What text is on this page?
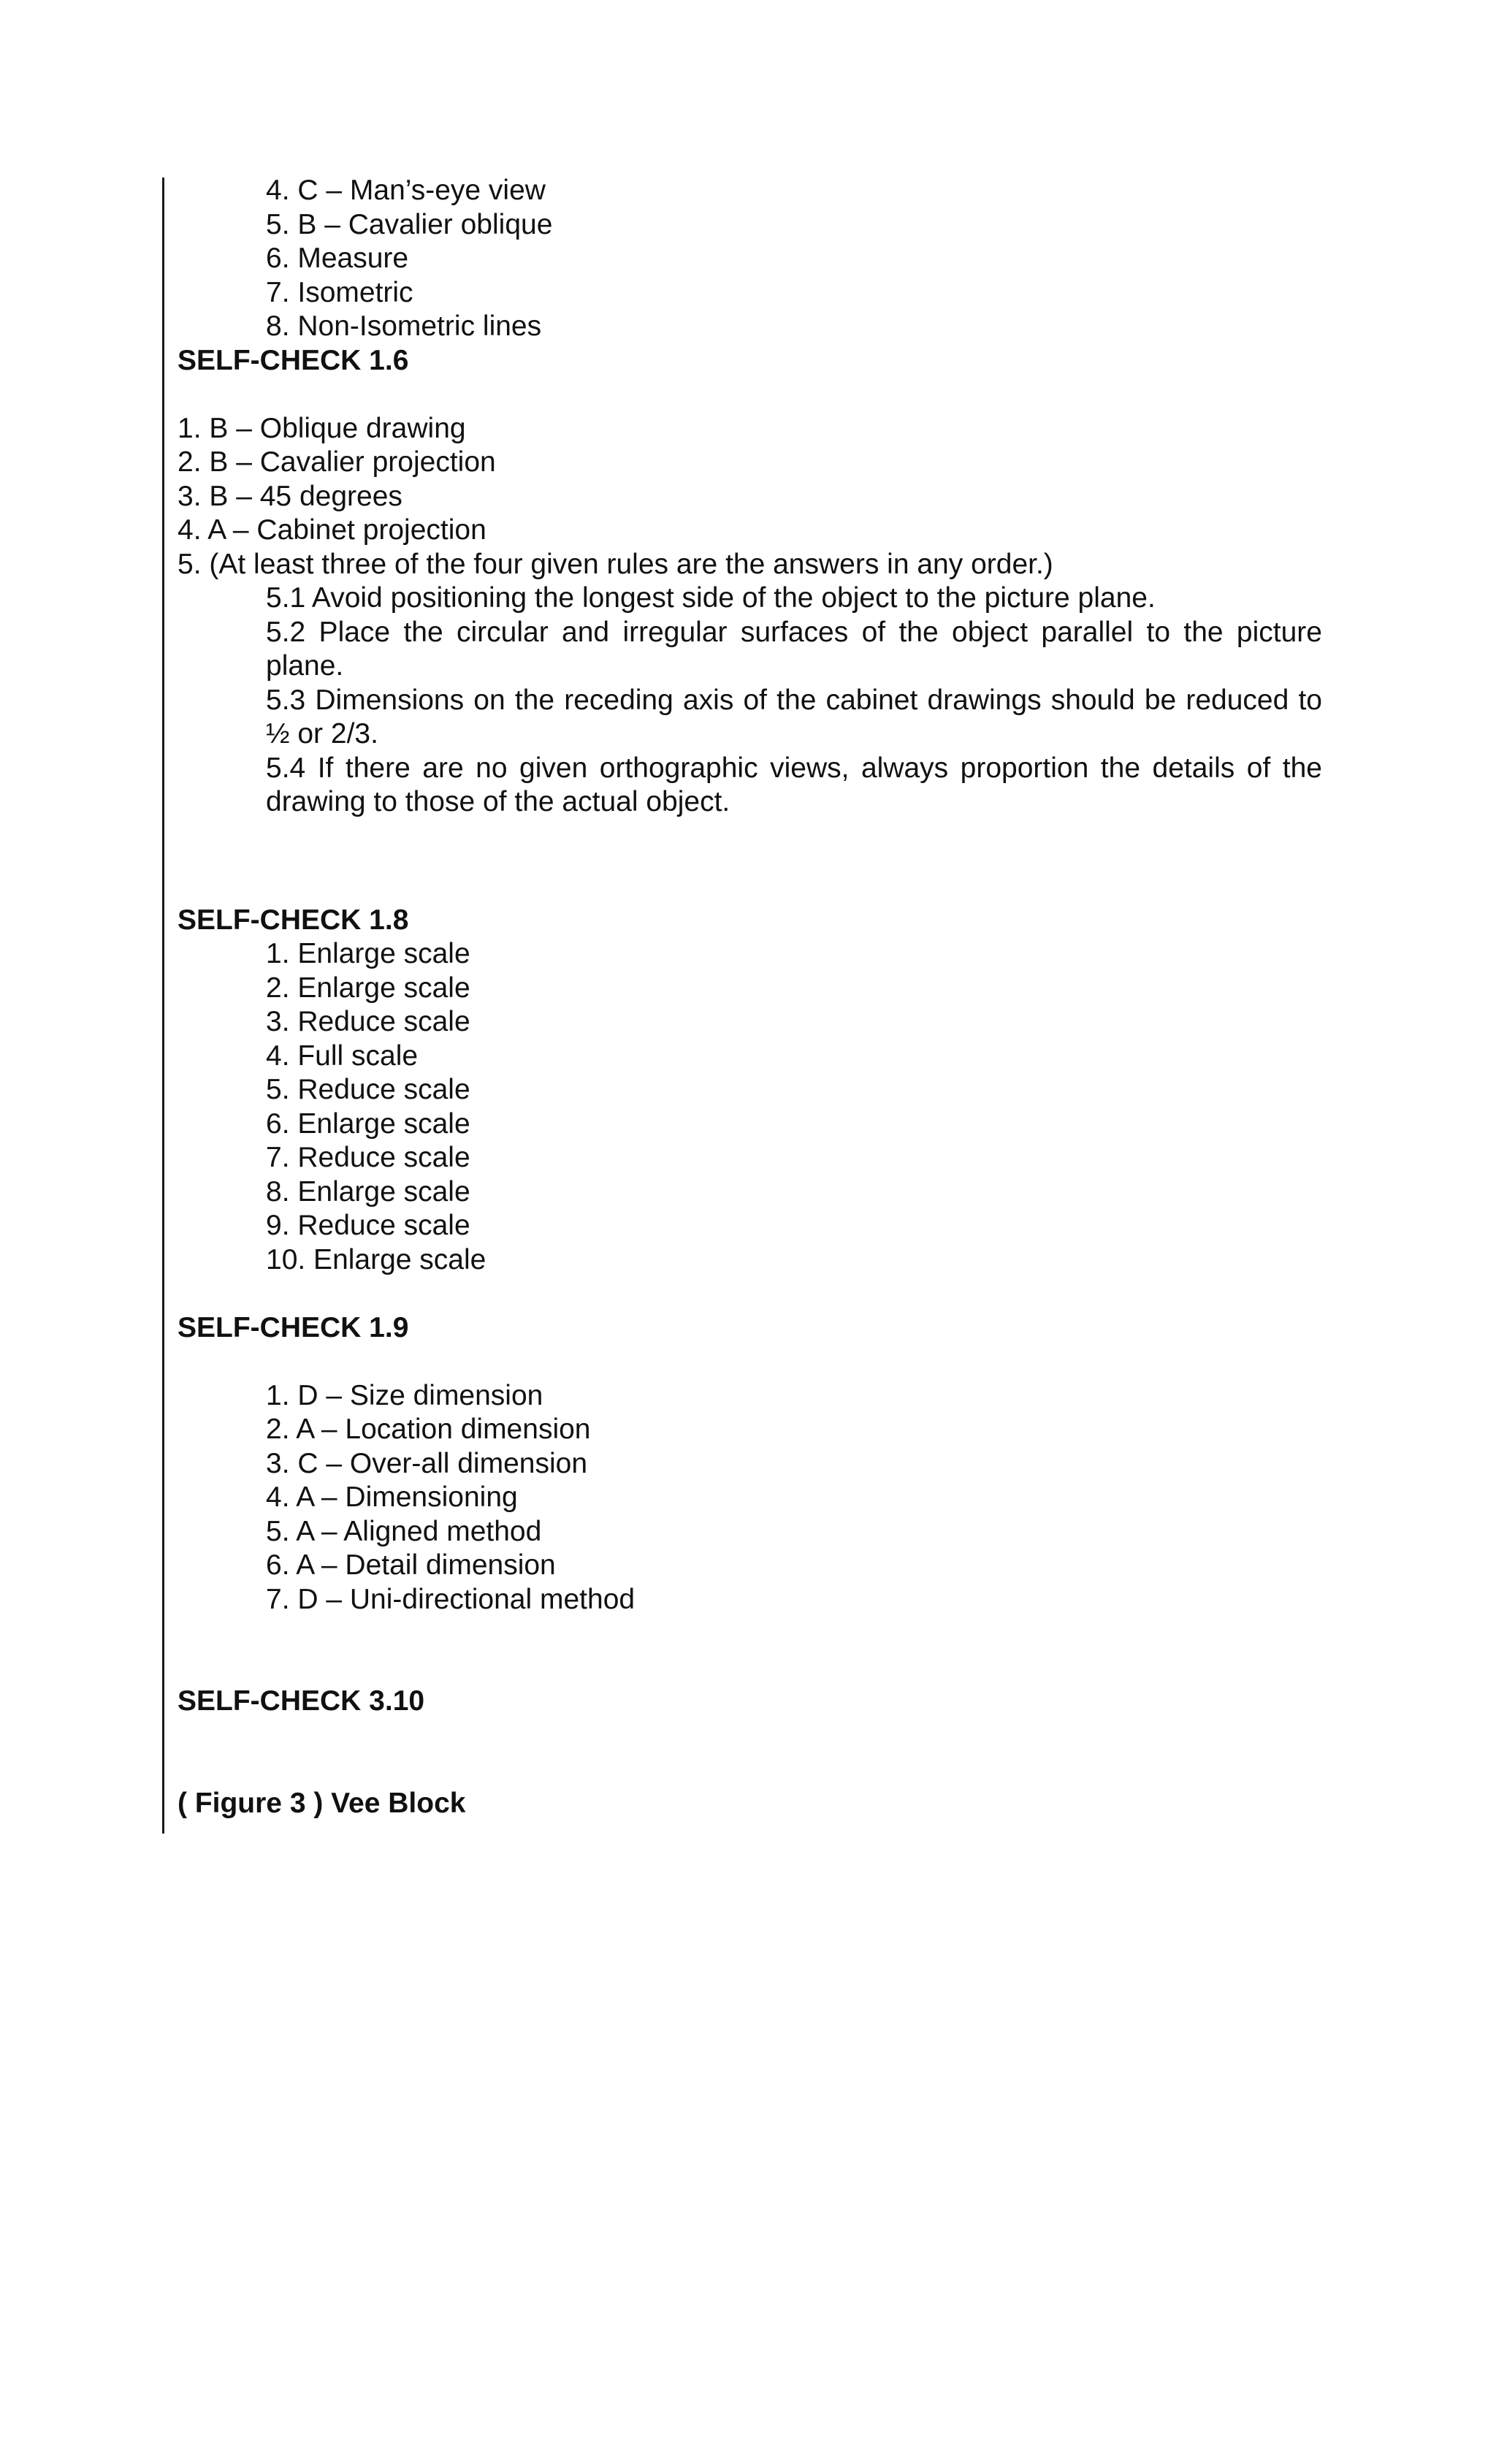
4. C – Man’s-eye view
5. B – Cavalier oblique
6. Measure
7. Isometric
8. Non-Isometric lines
SELF-CHECK 1.6
1. B – Oblique drawing
2. B – Cavalier projection
3. B – 45 degrees
4. A – Cabinet projection
5. (At least three of the four given rules are the answers in any order.)
5.1 Avoid positioning the longest side of the object to the picture plane.
5.2 Place the circular and irregular surfaces of the object parallel to the picture plane.
5.3 Dimensions on the receding axis of the cabinet drawings should be reduced to ½ or 2/3.
5.4 If there are no given orthographic views, always proportion the details of the drawing to those of the actual object.
SELF-CHECK 1.8
1. Enlarge scale
2. Enlarge scale
3. Reduce scale
4. Full scale
5. Reduce scale
6. Enlarge scale
7. Reduce scale
8. Enlarge scale
9. Reduce scale
10. Enlarge scale
SELF-CHECK 1.9
1. D – Size dimension
2. A – Location dimension
3. C – Over-all dimension
4. A – Dimensioning
5. A – Aligned method
6. A – Detail dimension
7. D – Uni-directional method
SELF-CHECK 3.10
( Figure 3 ) Vee Block
